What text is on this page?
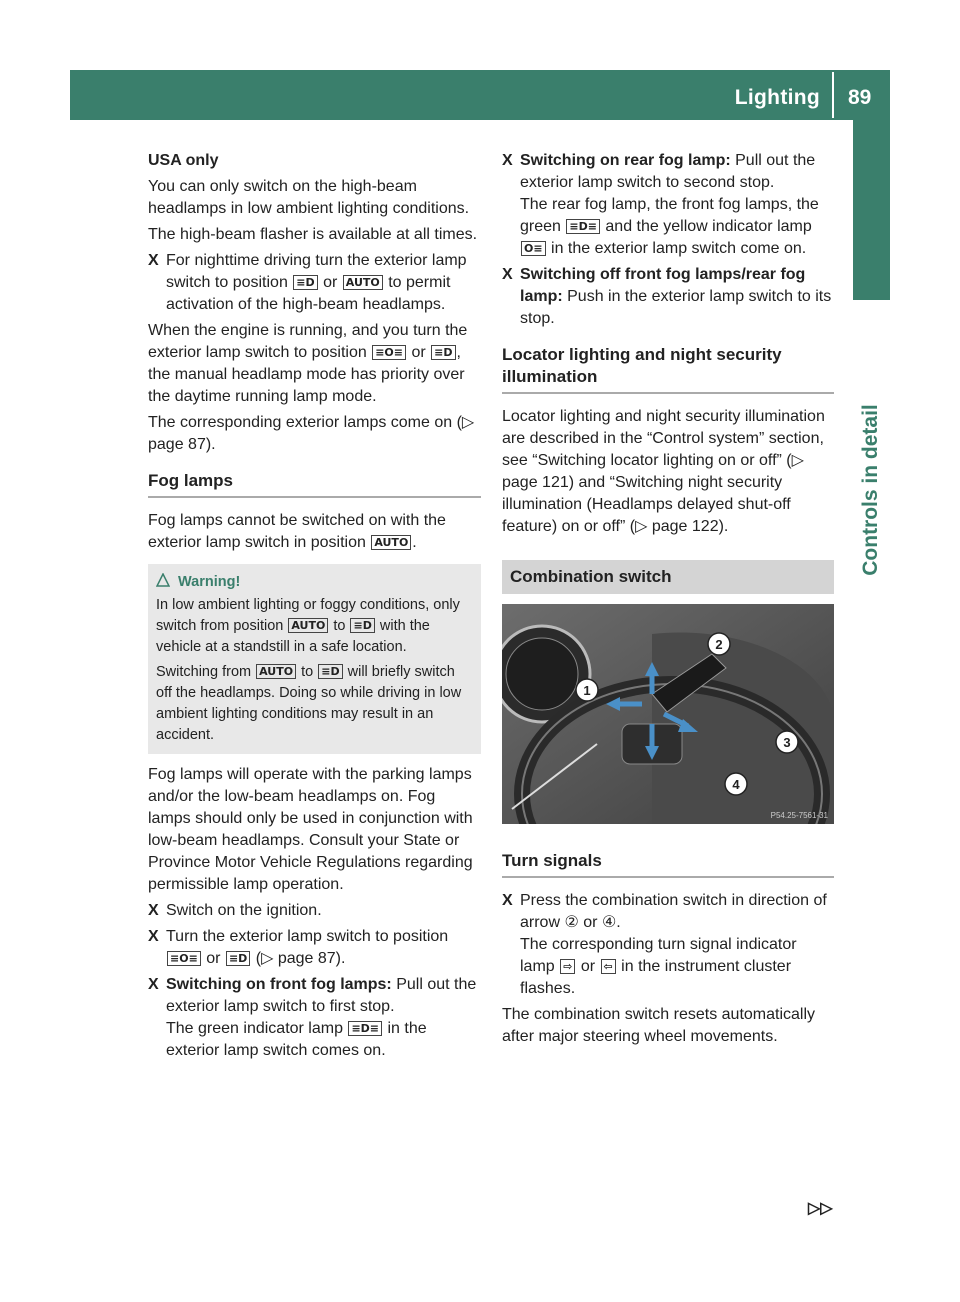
Lighting 89
Controls in detail

USA only

You can only switch on the high-beam headlamps in low ambient lighting conditions.

The high-beam flasher is available at all times.

X For nighttime driving turn the exterior lamp switch to position ≡D or AUTO to permit activation of the high-beam headlamps.

When the engine is running, and you turn the exterior lamp switch to position ≡O≡ or ≡D , the manual headlamp mode has priority over the daytime running lamp mode.

The corresponding exterior lamps come on (▷ page 87).

Fog lamps

Fog lamps cannot be switched on with the exterior lamp switch in position AUTO .

Warning!

In low ambient lighting or foggy conditions, only switch from position AUTO to ≡D with the vehicle at a standstill in a safe location.

Switching from AUTO to ≡D will briefly switch off the headlamps. Doing so while driving in low ambient lighting conditions may result in an accident.

Fog lamps will operate with the parking lamps and/or the low-beam headlamps on. Fog lamps should only be used in conjunction with low-beam headlamps. Consult your State or Province Motor Vehicle Regulations regarding permissible lamp operation.

X Switch on the ignition.
X Turn the exterior lamp switch to position ≡O≡ or ≡D (▷ page 87).
X Switching on front fog lamps: Pull out the exterior lamp switch to first stop.
The green indicator lamp ≡D≡ in the exterior lamp switch comes on.
X Switching on rear fog lamp: Pull out the exterior lamp switch to second stop.
The rear fog lamp, the front fog lamps, the green ≡D≡ and the yellow indicator lamp O≡ in the exterior lamp switch come on.
X Switching off front fog lamps/rear fog lamp: Push in the exterior lamp switch to its stop.
Locator lighting and night security illumination

Locator lighting and night security illumination are described in the “Control system” section, see “Switching locator lighting on or off” (▷ page 121) and “Switching night security illumination (Headlamps delayed shut-off feature) on or off” (▷ page 122).

Combination switch
1
2
3
4
P54.25-7561-31
Turn signals
X Press the combination switch in direction of arrow ② or ④.
The corresponding turn signal indicator lamp ⇨ or ⇦ in the instrument cluster flashes.

The combination switch resets automatically after major steering wheel movements.

▷▷
